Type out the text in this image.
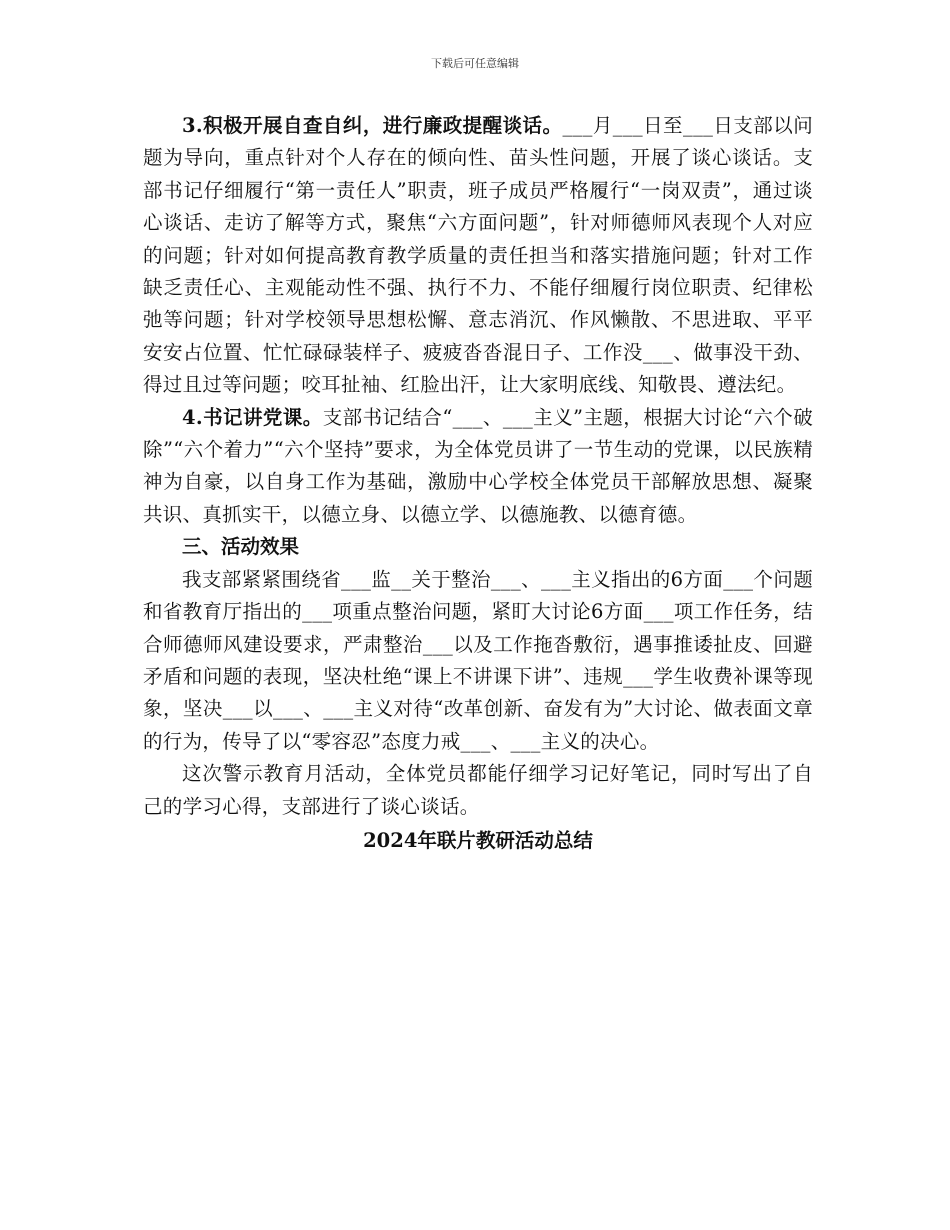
下载后可任意编辑

3.积极开展自查自纠，进行廉政提醒谈话。___月___日至___日支部以问题为导向，重点针对个人存在的倾向性、苗头性问题，开展了谈心谈话。支部书记仔细履行“第一责任人”职责，班子成员严格履行“一岗双责”，通过谈心谈话、走访了解等方式，聚焦“六方面问题”，针对师德师风表现个人对应的问题；针对如何提高教育教学质量的责任担当和落实措施问题；针对工作缺乏责任心、主观能动性不强、执行不力、不能仔细履行岗位职责、纪律松弛等问题；针对学校领导思想松懈、意志消沉、作风懒散、不思进取、平平安安占位置、忙忙碌碌装样子、疲疲沓沓混日子、工作没___、做事没干劲、得过且过等问题；咬耳扯袖、红脸出汗，让大家明底线、知敬畏、遵法纪。

4.书记讲党课。支部书记结合“___、___主义”主题，根据大讨论“六个破除”“六个着力”“六个坚持”要求，为全体党员讲了一节生动的党课，以民族精神为自豪，以自身工作为基础，激励中心学校全体党员干部解放思想、凝聚共识、真抓实干，以德立身、以德立学、以德施教、以德育德。

三、活动效果

我支部紧紧围绕省___监__关于整治___、___主义指出的6方面___个问题和省教育厅指出的___项重点整治问题，紧盯大讨论6方面___项工作任务，结合师德师风建设要求，严肃整治___以及工作拖沓敷衍，遇事推诿扯皮、回避矛盾和问题的表现，坚决杜绝“课上不讲课下讲”、违规___学生收费补课等现象，坚决___以___、___主义对待“改革创新、奋发有为”大讨论、做表面文章的行为，传导了以“零容忍”态度力戒___、___主义的决心。

这次警示教育月活动，全体党员都能仔细学习记好笔记，同时写出了自己的学习心得，支部进行了谈心谈话。

2024年联片教研活动总结
